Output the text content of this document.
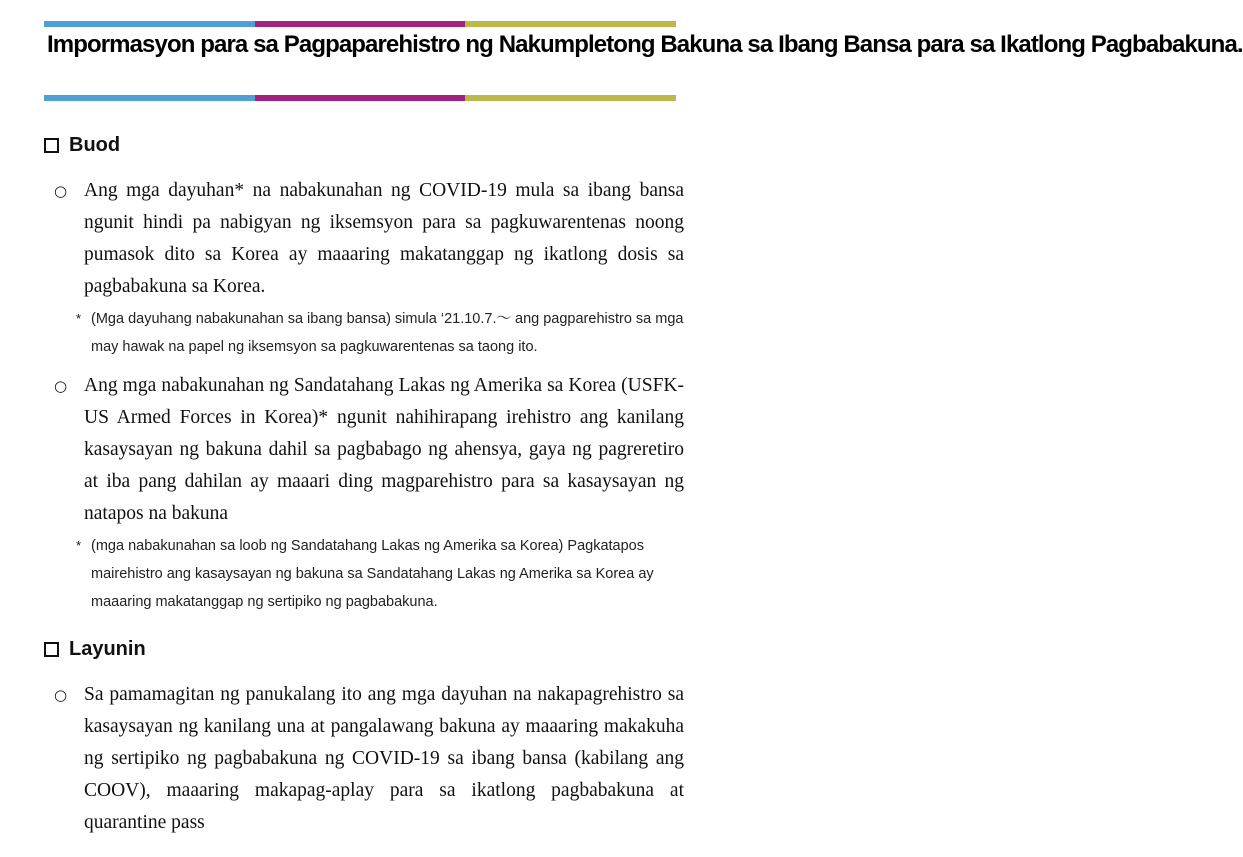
Impormasyon para sa Pagpaparehistro ng Nakumpletong Bakuna sa Ibang Bansa para sa Ikatlong Pagbabakuna.
Buod
○ Ang mga dayuhan* na nabakunahan ng COVID-19 mula sa ibang bansa ngunit hindi pa nabigyan ng iksemsyon para sa pagkuwarentenas noong pumasok dito sa Korea ay maaaring makatanggap ng ikatlong dosis sa pagbabakuna sa Korea.
* (Mga dayuhang nabakunahan sa ibang bansa) simula ‘21.10.7.～ ang pagparehistro sa mga may hawak na papel ng iksemsyon sa pagkuwarentenas sa taong ito.
○ Ang mga nabakunahan ng Sandatahang Lakas ng Amerika sa Korea (USFK- US Armed Forces in Korea)* ngunit nahihirapang irehistro ang kanilang kasaysayan ng bakuna dahil sa pagbabago ng ahensya, gaya ng pagreretiro at iba pang dahilan ay maaari ding magparehistro para sa kasaysayan ng natapos na bakuna
* (mga nabakunahan sa loob ng Sandatahang Lakas ng Amerika sa Korea) Pagkatapos mairehistro ang kasaysayan ng bakuna sa Sandatahang Lakas ng Amerika sa Korea ay maaaring makatanggap ng sertipiko ng pagbabakuna.
Layunin
○ Sa pamamagitan ng panukalang ito ang mga dayuhan na nakapagrehistro sa kasaysayan ng kanilang una at pangalawang bakuna ay maaaring makakuha ng sertipiko ng pagbabakuna ng COVID-19 sa ibang bansa (kabilang ang COOV), maaaring makapag-aplay para sa ikatlong pagbabakuna at quarantine pass
